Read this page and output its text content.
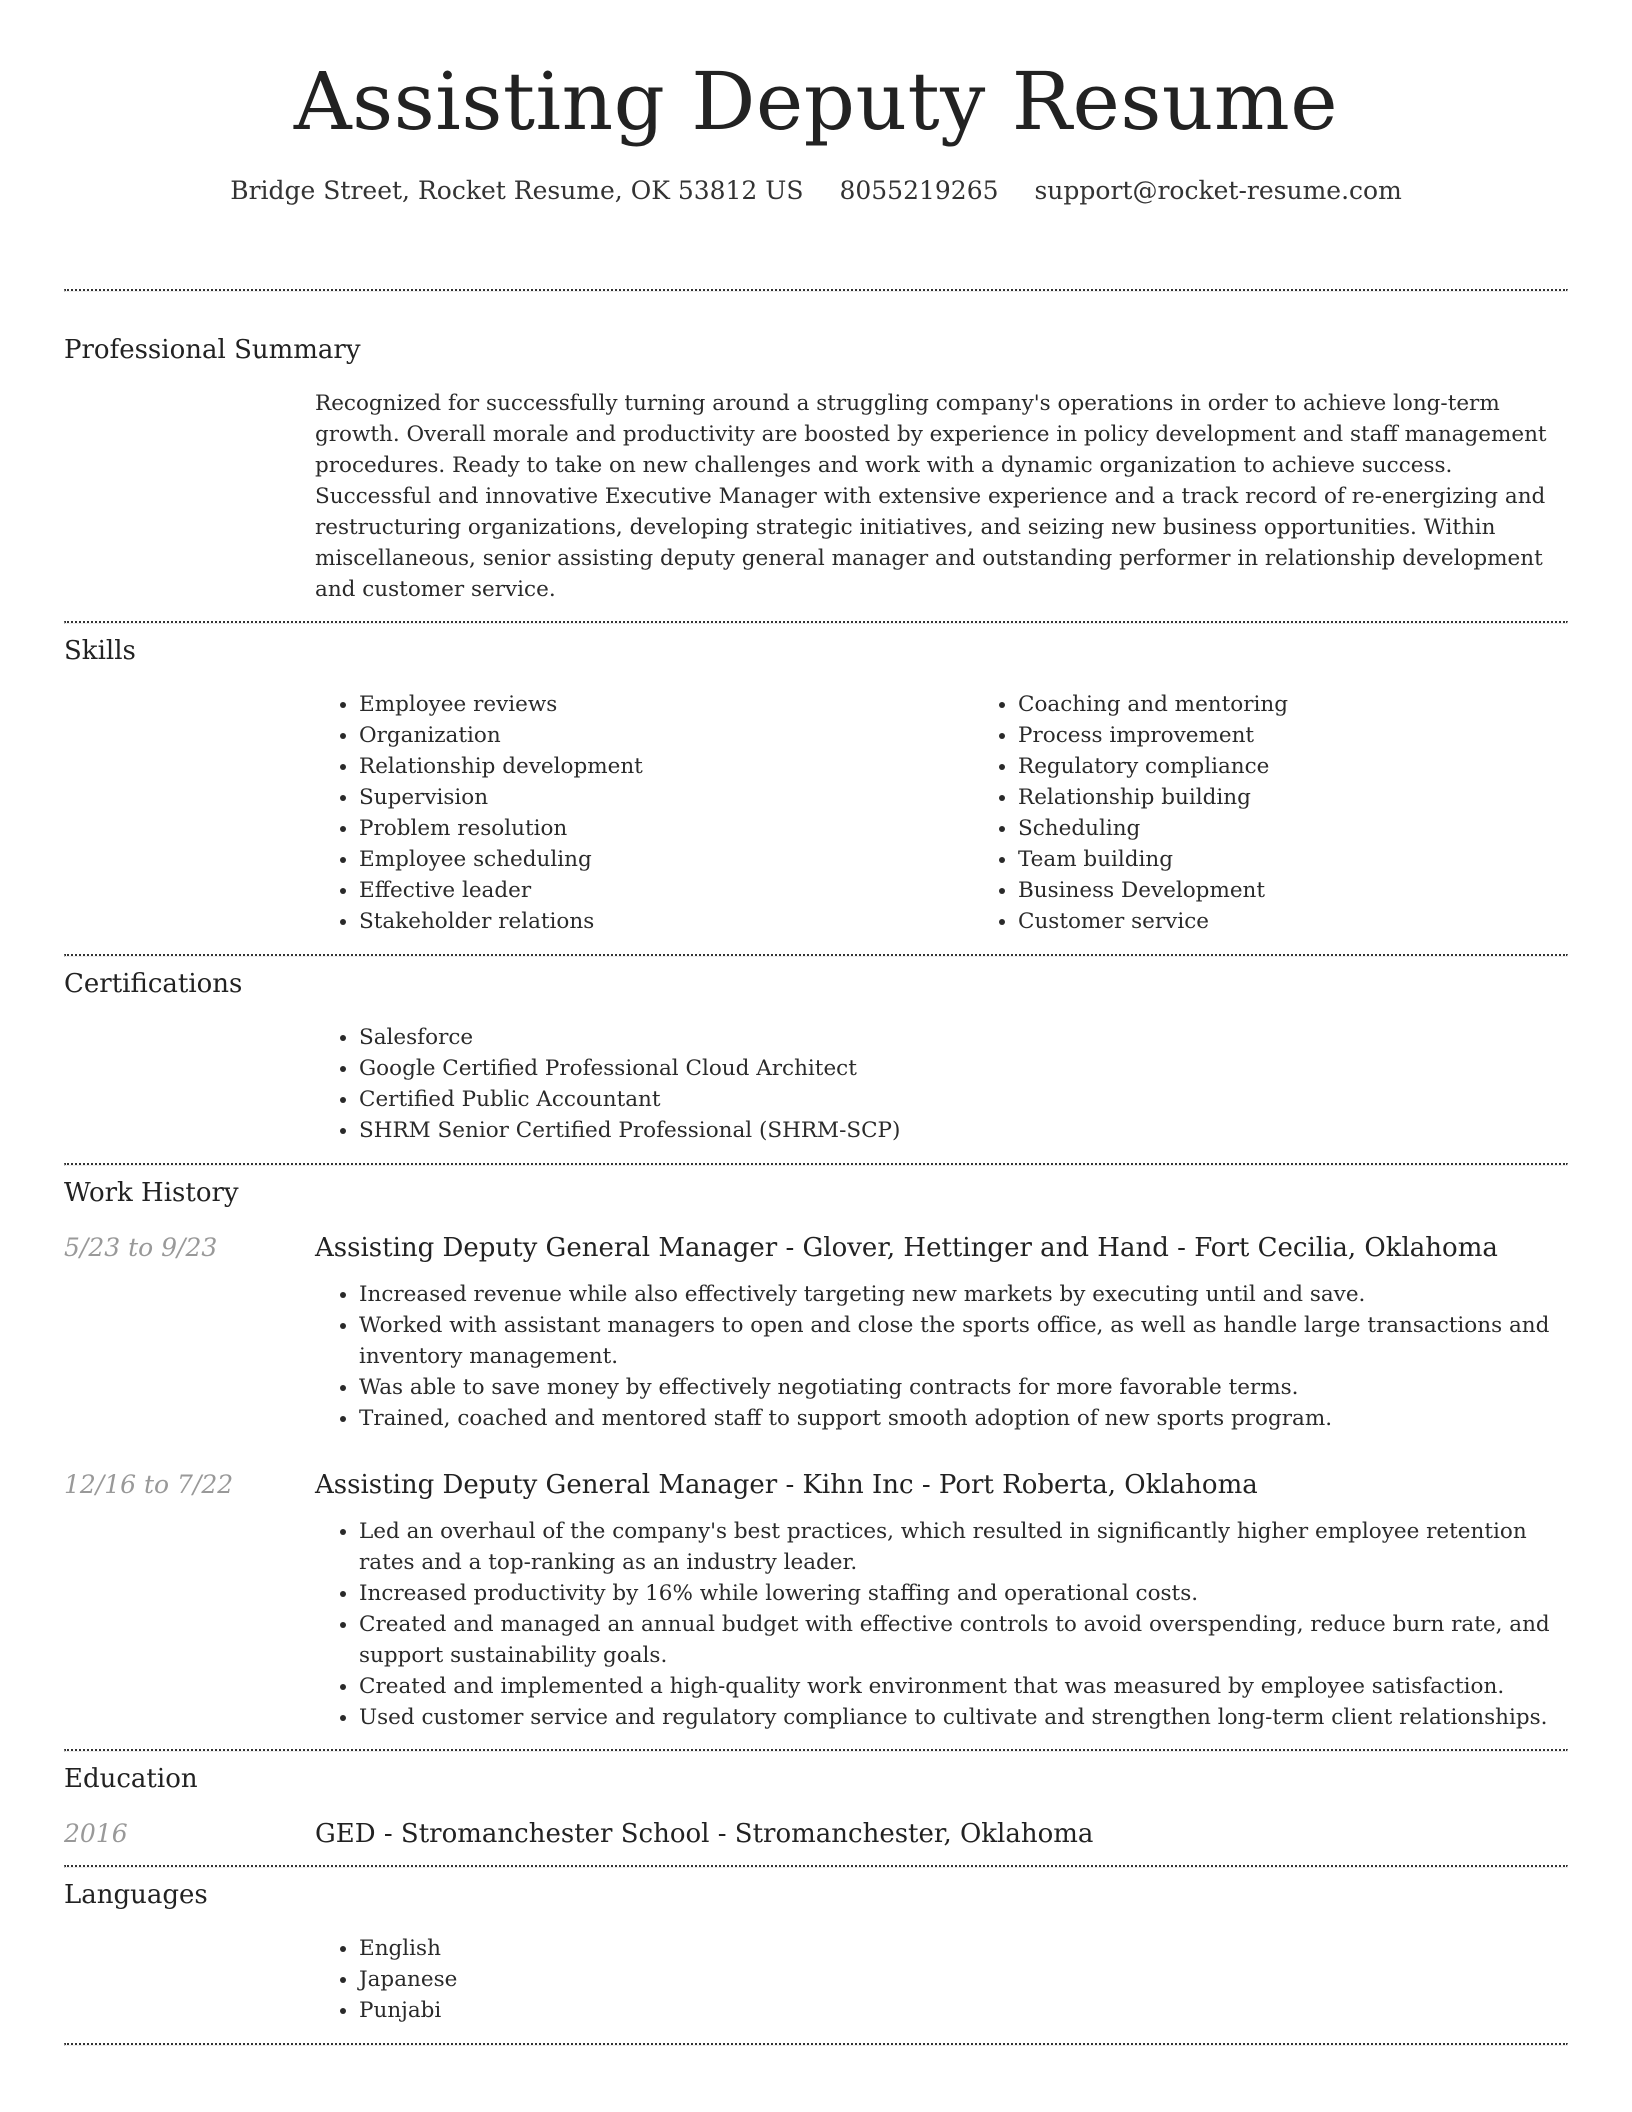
Assisting Deputy Resume
Bridge Street, Rocket Resume, OK 53812 US 8055219265 support@rocket-resume.com
Professional Summary

Recognized for successfully turning around a struggling company's operations in order to achieve long-term growth. Overall morale and productivity are boosted by experience in policy development and staff management procedures. Ready to take on new challenges and work with a dynamic organization to achieve success. Successful and innovative Executive Manager with extensive experience and a track record of re-energizing and restructuring organizations, developing strategic initiatives, and seizing new business opportunities. Within miscellaneous, senior assisting deputy general manager and outstanding performer in relationship development and customer service.

Skills
• Employee reviews
• Organization
• Relationship development
• Supervision
• Problem resolution
• Employee scheduling
• Effective leader
• Stakeholder relations
• Coaching and mentoring
• Process improvement
• Regulatory compliance
• Relationship building
• Scheduling
• Team building
• Business Development
• Customer service
Certifications
• Salesforce
• Google Certified Professional Cloud Architect
• Certified Public Accountant
• SHRM Senior Certified Professional (SHRM-SCP)
Work History
5/23 to 9/23	Assisting Deputy General Manager - Glover, Hettinger and Hand - Fort Cecilia, Oklahoma
• Increased revenue while also effectively targeting new markets by executing until and save.
• Worked with assistant managers to open and close the sports office, as well as handle large transactions and inventory management.
• Was able to save money by effectively negotiating contracts for more favorable terms.
• Trained, coached and mentored staff to support smooth adoption of new sports program.
12/16 to 7/22	Assisting Deputy General Manager - Kihn Inc - Port Roberta, Oklahoma
• Led an overhaul of the company's best practices, which resulted in significantly higher employee retention rates and a top-ranking as an industry leader.
• Increased productivity by 16% while lowering staffing and operational costs.
• Created and managed an annual budget with effective controls to avoid overspending, reduce burn rate, and support sustainability goals.
• Created and implemented a high-quality work environment that was measured by employee satisfaction.
• Used customer service and regulatory compliance to cultivate and strengthen long-term client relationships.
Education
2016	GED - Stromanchester School - Stromanchester, Oklahoma
Languages
• English
• Japanese
• Punjabi
